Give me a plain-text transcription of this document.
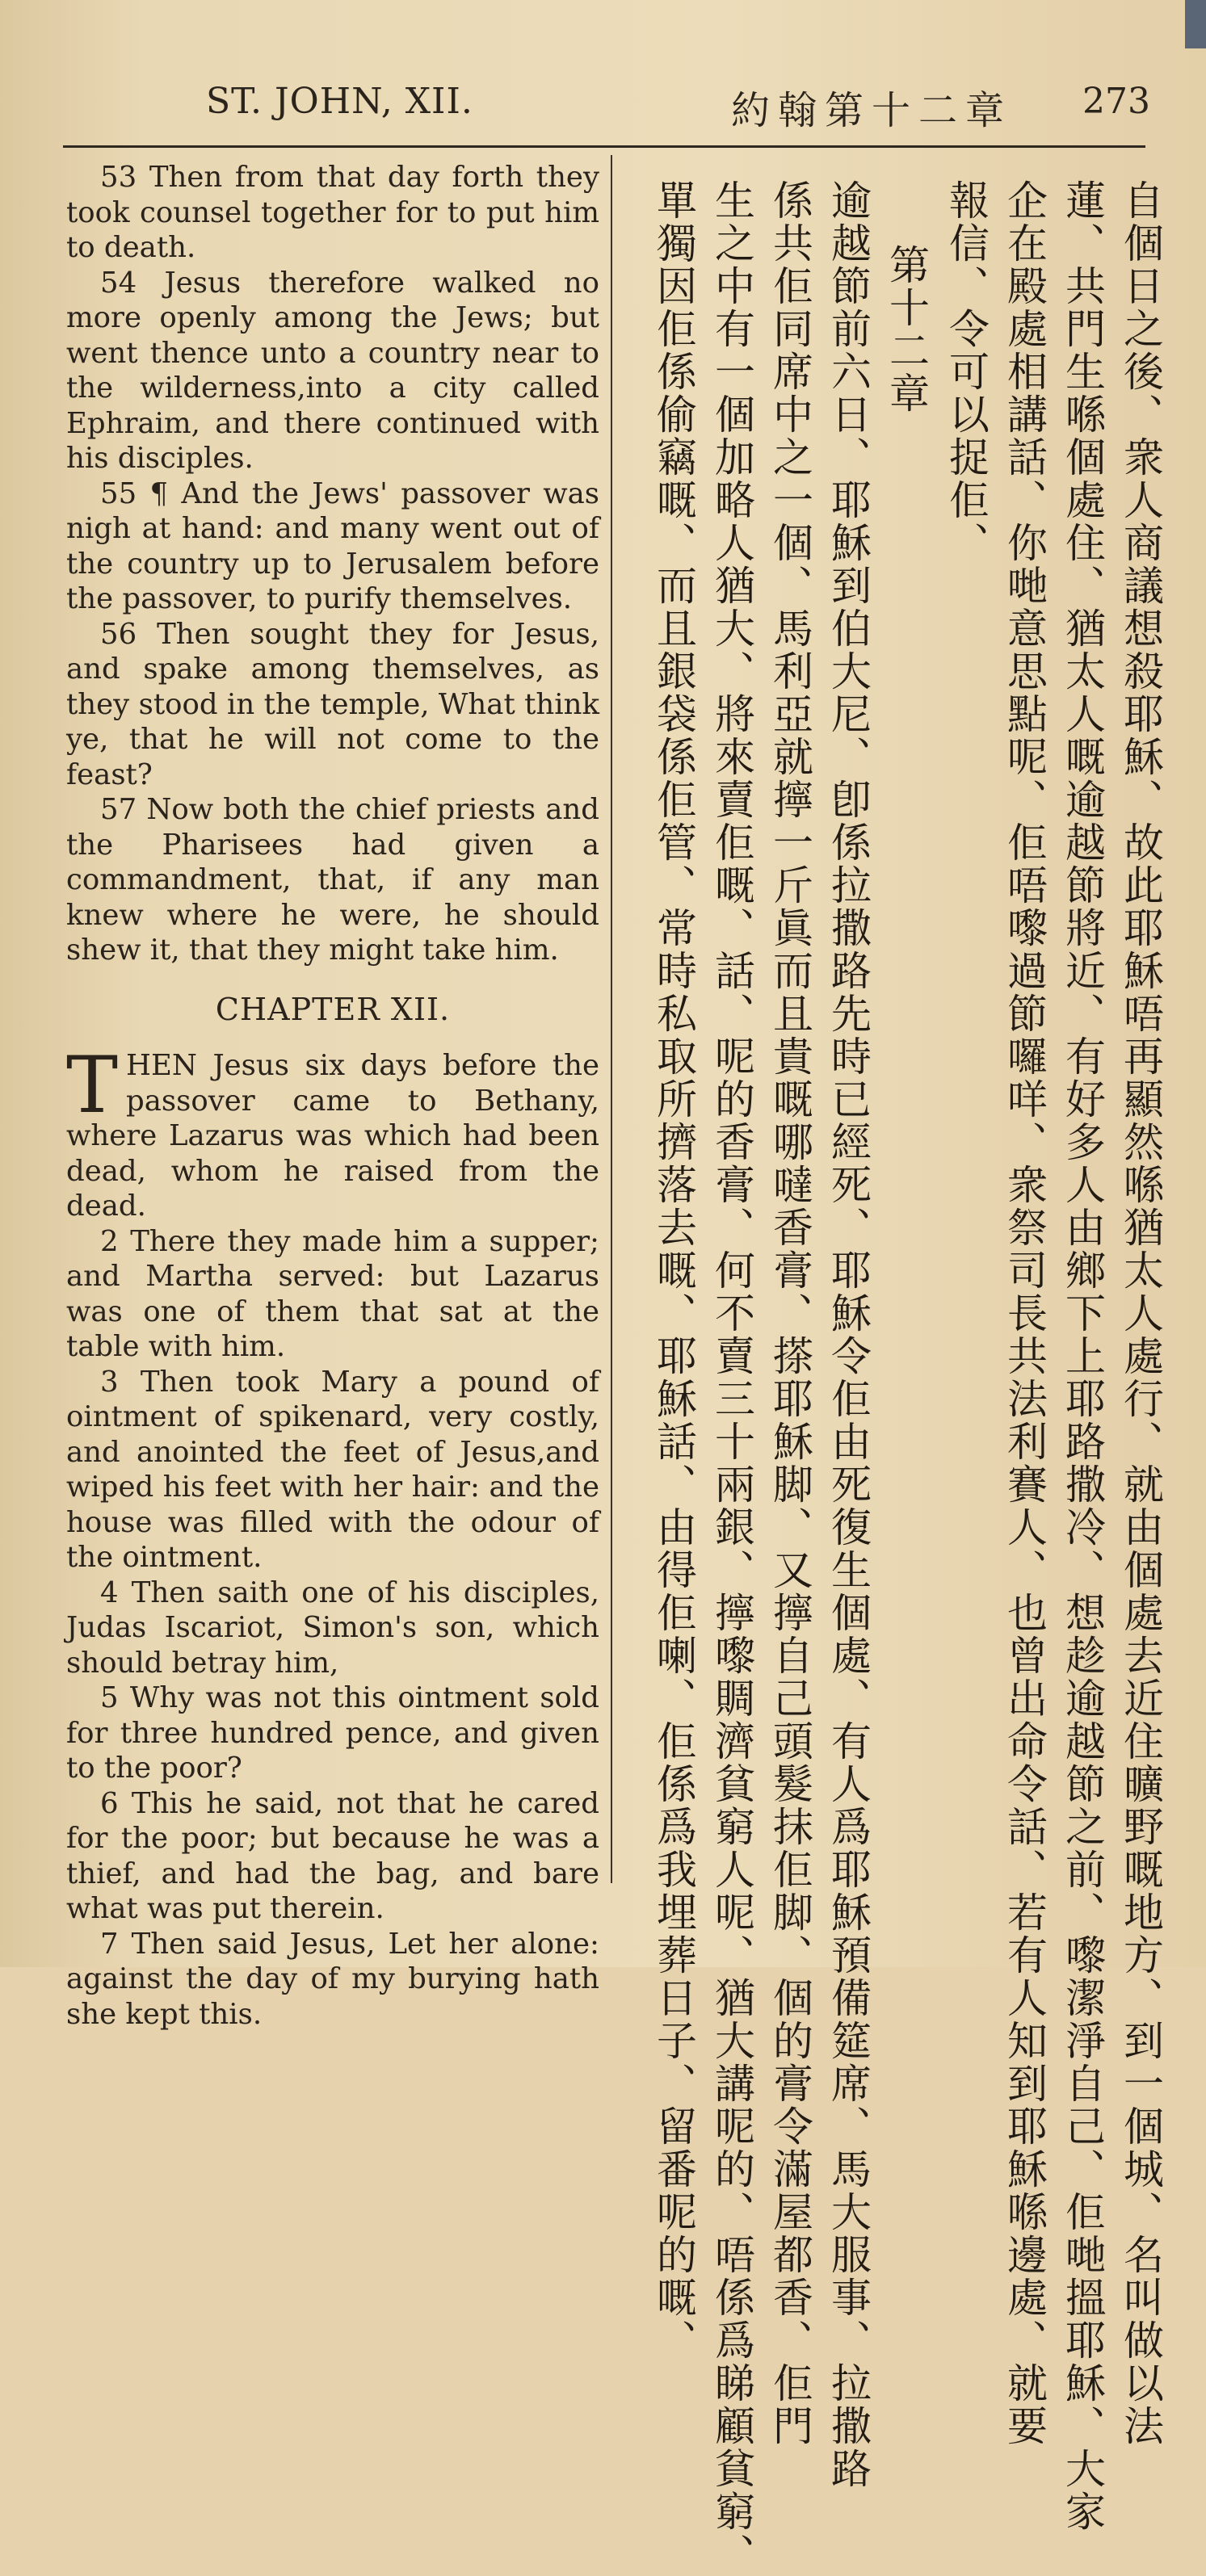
ST. JOHN, XII.	約翰第十二章 273

53 Then from that day forth they took counsel together for to put him to death.

54 Jesus therefore walked no more openly among the Jews; but went thence unto a country near to the wilderness,into a city called Ephraim, and there continued with his disciples.

55 ¶ And the Jews' passover was nigh at hand: and many went out of the country up to Jerusalem before the passover, to purify themselves.

56 Then sought they for Jesus, and spake among themselves, as they stood in the temple, What think ye, that he will not come to the feast?

57 Now both the chief priests and the Pharisees had given a commandment, that, if any man knew where he were, he should shew it, that they might take him.

CHAPTER XII.

THEN Jesus six days before the passover came to Bethany, where Lazarus was which had been dead, whom he raised from the dead.

2 There they made him a supper; and Martha served: but Lazarus was one of them that sat at the table with him.

3 Then took Mary a pound of ointment of spikenard, very costly, and anointed the feet of Jesus,and wiped his feet with her hair: and the house was filled with the odour of the ointment.

4 Then saith one of his disciples, Judas Iscariot, Simon's son, which should betray him,

5 Why was not this ointment sold for three hundred pence, and given to the poor?

6 This he said, not that he cared for the poor; but because he was a thief, and had the bag, and bare what was put therein.

7 Then said Jesus, Let her alone: against the day of my burying hath she kept this.	自個日之後、衆人商議想殺耶穌、故此耶穌唔再顯然喺猶太人處行、就由個處去近住曠野嘅地方、到一個城、名叫做以法
蓮、共門生喺個處住、猶太人嘅逾越節將近、有好多人由鄉下上耶路撒冷、想趁逾越節之前、嚟潔淨自己、佢哋搵耶穌、大家
企在殿處相講話、你哋意思點呢、佢唔嚟過節囉咩、衆祭司長共法利賽人、也曾出命令話、若有人知到耶穌喺邊處、就要
報信、令可以捉佢、
第十二章
逾越節前六日、耶穌到伯大尼、卽係拉撒路先時已經死、耶穌令佢由死復生個處、有人爲耶穌預備筵席、馬大服事、拉撒路
係共佢同席中之一個、馬利亞就擰一斤眞而且貴嘅哪噠香膏、搽耶穌脚、又擰自己頭髮抹佢脚、個的膏令滿屋都香、佢門
生之中有一個加略人猶大、將來賣佢嘅、話、呢的香膏、何不賣三十兩銀、擰嚟賙濟貧窮人呢、猶大講呢的、唔係爲睇顧貧窮、
單獨因佢係偷竊嘅、而且銀袋係佢管、常時私取所擠落去嘅、耶穌話、由得佢喇、佢係爲我埋葬日子、留番呢的嘅、
